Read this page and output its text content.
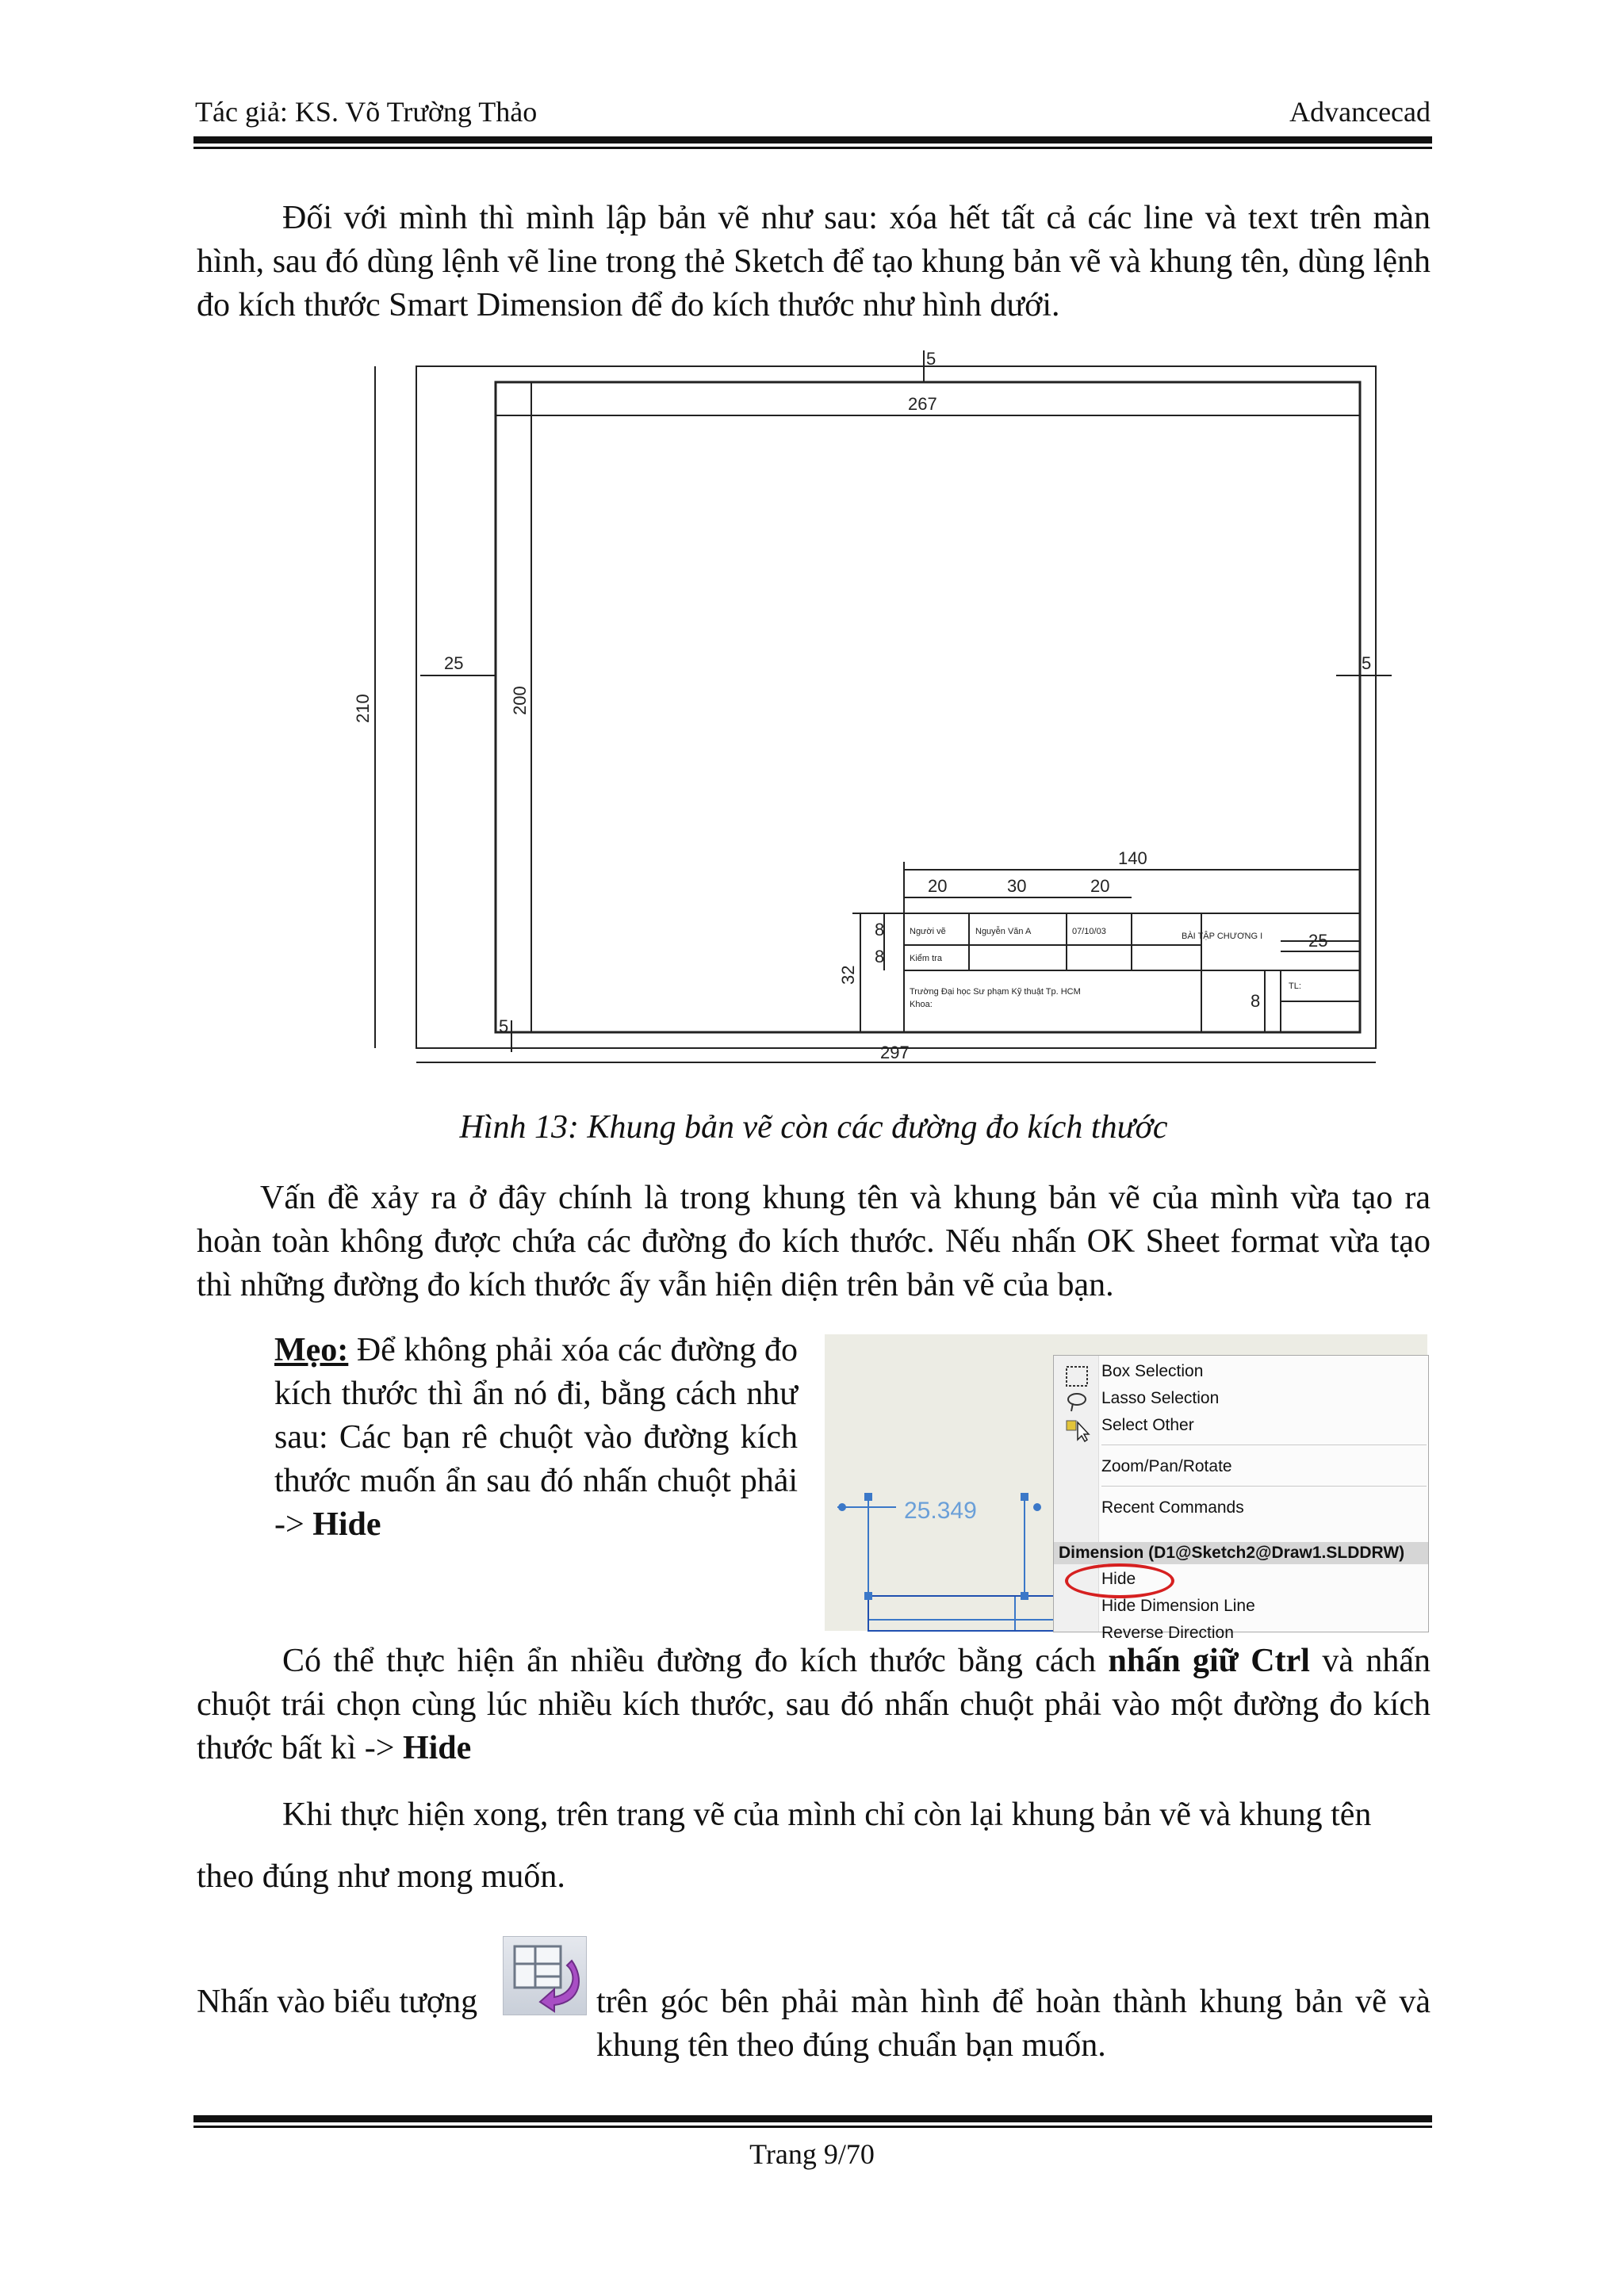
Tác giả: KS. Võ Trường Thảo	Advancecad
Đối với mình thì mình lập bản vẽ như sau: xóa hết tất cả các line và text trên màn hình, sau đó dùng lệnh vẽ line trong thẻ Sketch để tạo khung bản vẽ và khung tên, dùng lệnh đo kích thước Smart Dimension để đo kích thước như hình dưới.
5
267
25
210	200
5
5
297
140
20	30	20
32
8
8
8
25
Người vẽ	Nguyễn Văn A	07/10/03
Kiểm tra
Trường Đại học Sư phạm Kỹ thuật Tp. HCM
Khoa:
BÀI TẬP CHƯƠNG I
TL:
Hình 13: Khung bản vẽ còn các đường đo kích thước
Vấn đề xảy ra ở đây chính là trong khung tên và khung bản vẽ của mình vừa tạo ra hoàn toàn không được chứa các đường đo kích thước. Nếu nhấn OK Sheet format vừa tạo thì những đường đo kích thước ấy vẫn hiện diện trên bản vẽ của bạn.
Mẹo: Để không phải xóa các đường đo kích thước thì ẩn nó đi, bằng cách như sau: Các bạn rê chuột vào đường kích thước muốn ẩn sau đó nhấn chuột phải -> Hide	25.349
Box Selection
Lasso Selection
Select Other
Zoom/Pan/Rotate
Recent Commands
Dimension (D1@Sketch2@Draw1.SLDDRW)
Hide
Hide Dimension Line
Reverse Direction
Có thể thực hiện ẩn nhiều đường đo kích thước bằng cách nhấn giữ Ctrl và nhấn chuột trái chọn cùng lúc nhiều kích thước, sau đó nhấn chuột phải vào một đường đo kích thước bất kì -> Hide
Khi thực hiện xong, trên trang vẽ của mình chỉ còn lại khung bản vẽ và khung tên
theo đúng như mong muốn.
Nhấn vào biểu tượng	trên góc bên phải màn hình để hoàn thành khung bản vẽ và khung tên theo đúng chuẩn bạn muốn.
Trang 9/70
